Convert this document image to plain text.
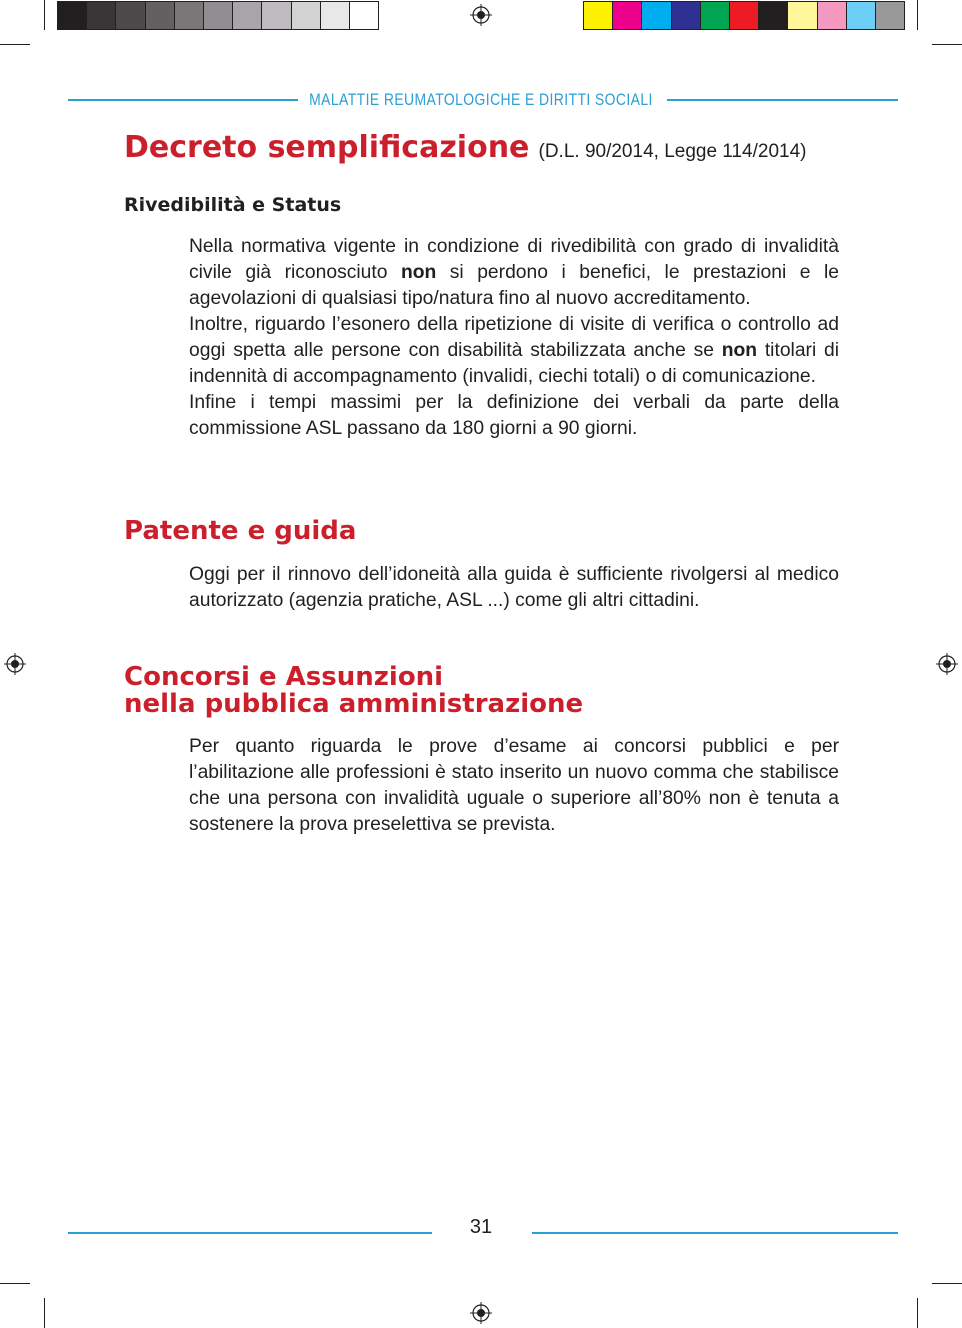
MALATTIE REUMATOLOGICHE E DIRITTI SOCIALI
Decreto semplificazione (D.L. 90/2014, Legge 114/2014)
Rivedibilità e Status

Nella normativa vigente in condizione di rivedibilità con grado di invalidità civile già riconosciuto non si perdono i benefici, le prestazioni e le agevolazioni di qualsiasi tipo/natura fino al nuovo accreditamento.

Inoltre, riguardo l’esonero della ripetizione di visite di verifica o controllo ad oggi spetta alle persone con disabilità stabilizzata anche se non titolari di indennità di accompagnamento (invalidi, ciechi totali) o di comunicazione.

Infine i tempi massimi per la definizione dei verbali da parte della commissione ASL passano da 180 giorni a 90 giorni.

Patente e guida

Oggi per il rinnovo dell’idoneità alla guida è sufficiente rivolgersi al medico autorizzato (agenzia pratiche, ASL ...) come gli altri cittadini.

Concorsi e Assunzioni
nella pubblica amministrazione

Per quanto riguarda le prove d’esame ai concorsi pubblici e per l’abilitazione alle professioni è stato inserito un nuovo comma che stabilisce che una persona con invalidità uguale o superiore all’80% non è tenuta a sostenere la prova preselettiva se prevista.

31
